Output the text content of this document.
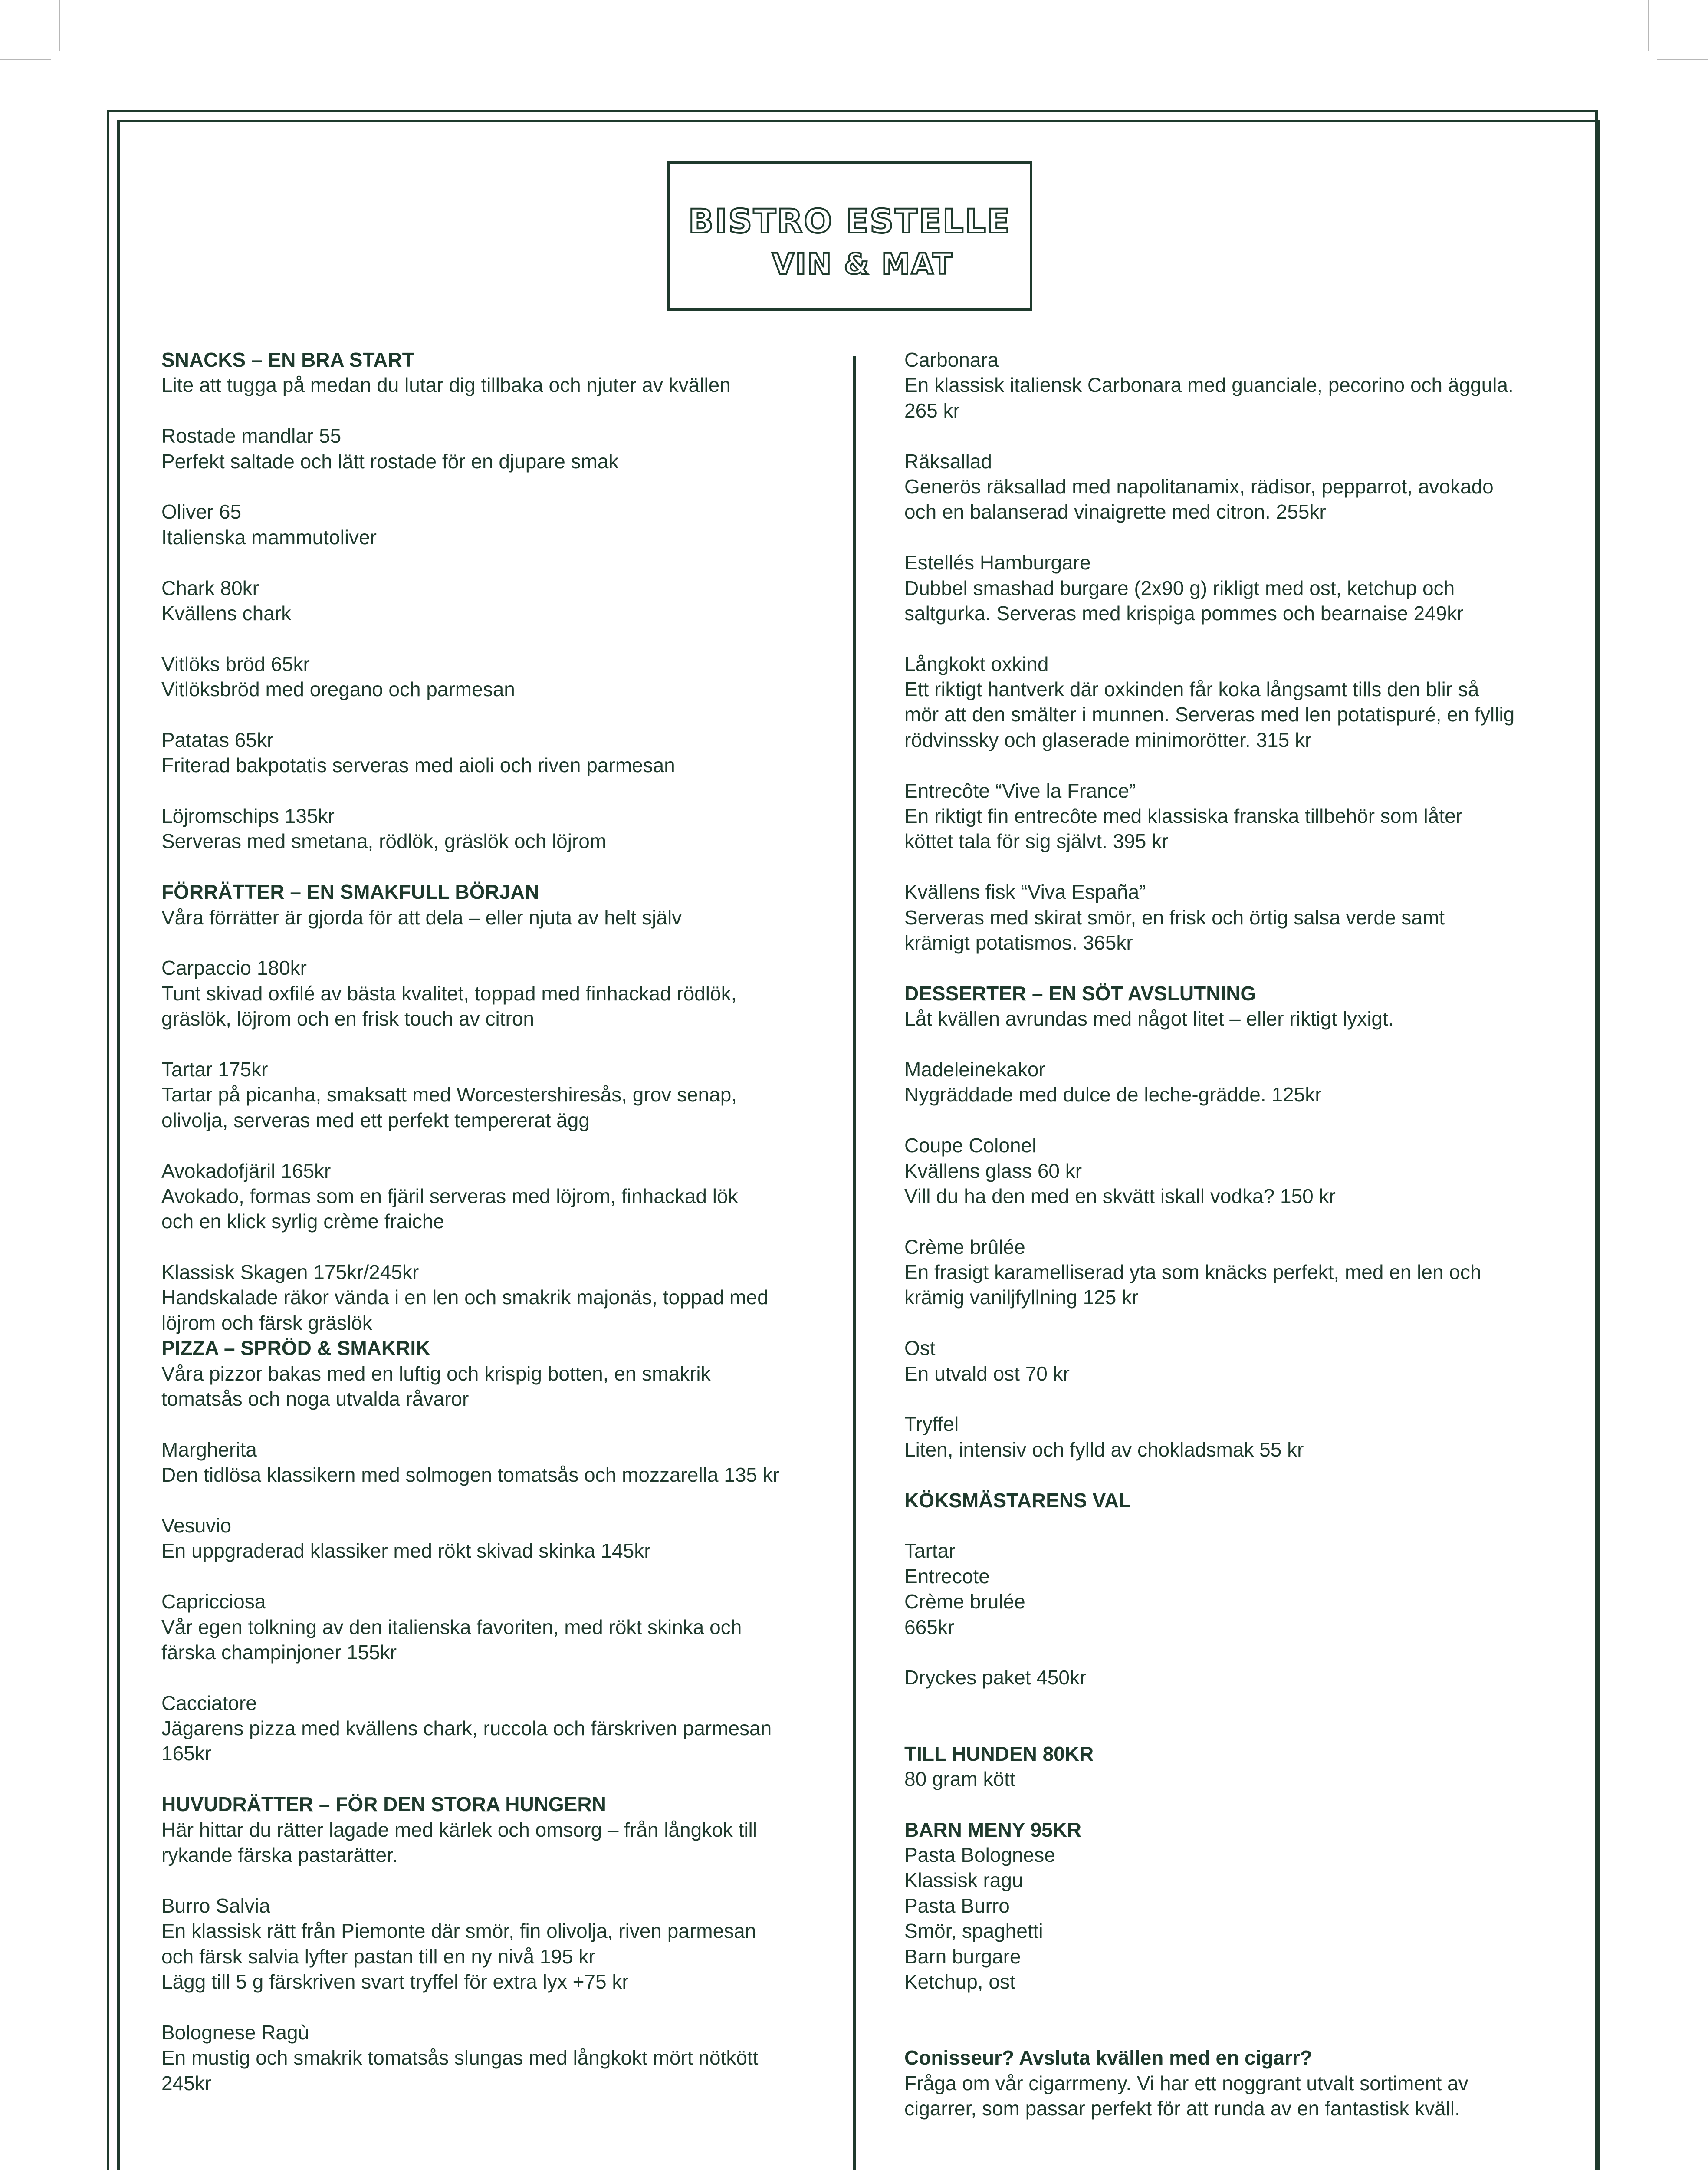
BISTRO ESTELLE
VIN & MAT
SNACKS – EN BRA START
Lite att tugga på medan du lutar dig tillbaka och njuter av kvällen
Rostade mandlar 55
Perfekt saltade och lätt rostade för en djupare smak
Oliver 65
Italienska mammutoliver
Chark 80kr
Kvällens chark
Vitlöks bröd 65kr
Vitlöksbröd med oregano och parmesan
Patatas 65kr
Friterad bakpotatis serveras med aioli och riven parmesan
Löjromschips 135kr
Serveras med smetana, rödlök, gräslök och löjrom
FÖRRÄTTER – EN SMAKFULL BÖRJAN
Våra förrätter är gjorda för att dela – eller njuta av helt själv
Carpaccio 180kr
Tunt skivad oxfilé av bästa kvalitet, toppad med finhackad rödlök,
gräslök, löjrom och en frisk touch av citron
Tartar 175kr
Tartar på picanha, smaksatt med Worcestershiresås, grov senap,
olivolja, serveras med ett perfekt tempererat ägg
Avokadofjäril 165kr
Avokado, formas som en fjäril serveras med löjrom, finhackad lök
och en klick syrlig crème fraiche
Klassisk Skagen 175kr/245kr
Handskalade räkor vända i en len och smakrik majonäs, toppad med
löjrom och färsk gräslök
PIZZA – SPRÖD & SMAKRIK
Våra pizzor bakas med en luftig och krispig botten, en smakrik
tomatsås och noga utvalda råvaror
Margherita
Den tidlösa klassikern med solmogen tomatsås och mozzarella 135 kr
Vesuvio
En uppgraderad klassiker med rökt skivad skinka 145kr
Capricciosa
Vår egen tolkning av den italienska favoriten, med rökt skinka och
färska champinjoner 155kr
Cacciatore
Jägarens pizza med kvällens chark, ruccola och färskriven parmesan
165kr
HUVUDRÄTTER – FÖR DEN STORA HUNGERN
Här hittar du rätter lagade med kärlek och omsorg – från långkok till
rykande färska pastarätter.
Burro Salvia
En klassisk rätt från Piemonte där smör, fin olivolja, riven parmesan
och färsk salvia lyfter pastan till en ny nivå 195 kr
Lägg till 5 g färskriven svart tryffel för extra lyx +75 kr
Bolognese Ragù
En mustig och smakrik tomatsås slungas med långkokt mört nötkött
245kr
Carbonara
En klassisk italiensk Carbonara med guanciale, pecorino och äggula.
265 kr
Räksallad
Generös räksallad med napolitanamix, rädisor, pepparrot, avokado
och en balanserad vinaigrette med citron. 255kr
Estellés Hamburgare
Dubbel smashad burgare (2x90 g) rikligt med ost, ketchup och
saltgurka. Serveras med krispiga pommes och bearnaise 249kr
Långkokt oxkind
Ett riktigt hantverk där oxkinden får koka långsamt tills den blir så
mör att den smälter i munnen. Serveras med len potatispuré, en fyllig
rödvinssky och glaserade minimorötter. 315 kr
Entrecôte “Vive la France”
En riktigt fin entrecôte med klassiska franska tillbehör som låter
köttet tala för sig självt. 395 kr
Kvällens fisk “Viva España”
Serveras med skirat smör, en frisk och örtig salsa verde samt
krämigt potatismos. 365kr
DESSERTER – EN SÖT AVSLUTNING
Låt kvällen avrundas med något litet – eller riktigt lyxigt.
Madeleinekakor
Nygräddade med dulce de leche-grädde. 125kr
Coupe Colonel
Kvällens glass 60 kr
Vill du ha den med en skvätt iskall vodka? 150 kr
Crème brûlée
En frasigt karamelliserad yta som knäcks perfekt, med en len och
krämig vaniljfyllning 125 kr
Ost
En utvald ost 70 kr
Tryffel
Liten, intensiv och fylld av chokladsmak 55 kr
KÖKSMÄSTARENS VAL
Tartar
Entrecote
Crème brulée
665kr
Dryckes paket 450kr
TILL HUNDEN 80KR
80 gram kött
BARN MENY 95KR
Pasta Bolognese
Klassisk ragu
Pasta Burro
Smör, spaghetti
Barn burgare
Ketchup, ost
Conisseur? Avsluta kvällen med en cigarr?
Fråga om vår cigarrmeny. Vi har ett noggrant utvalt sortiment av
cigarrer, som passar perfekt för att runda av en fantastisk kväll.
